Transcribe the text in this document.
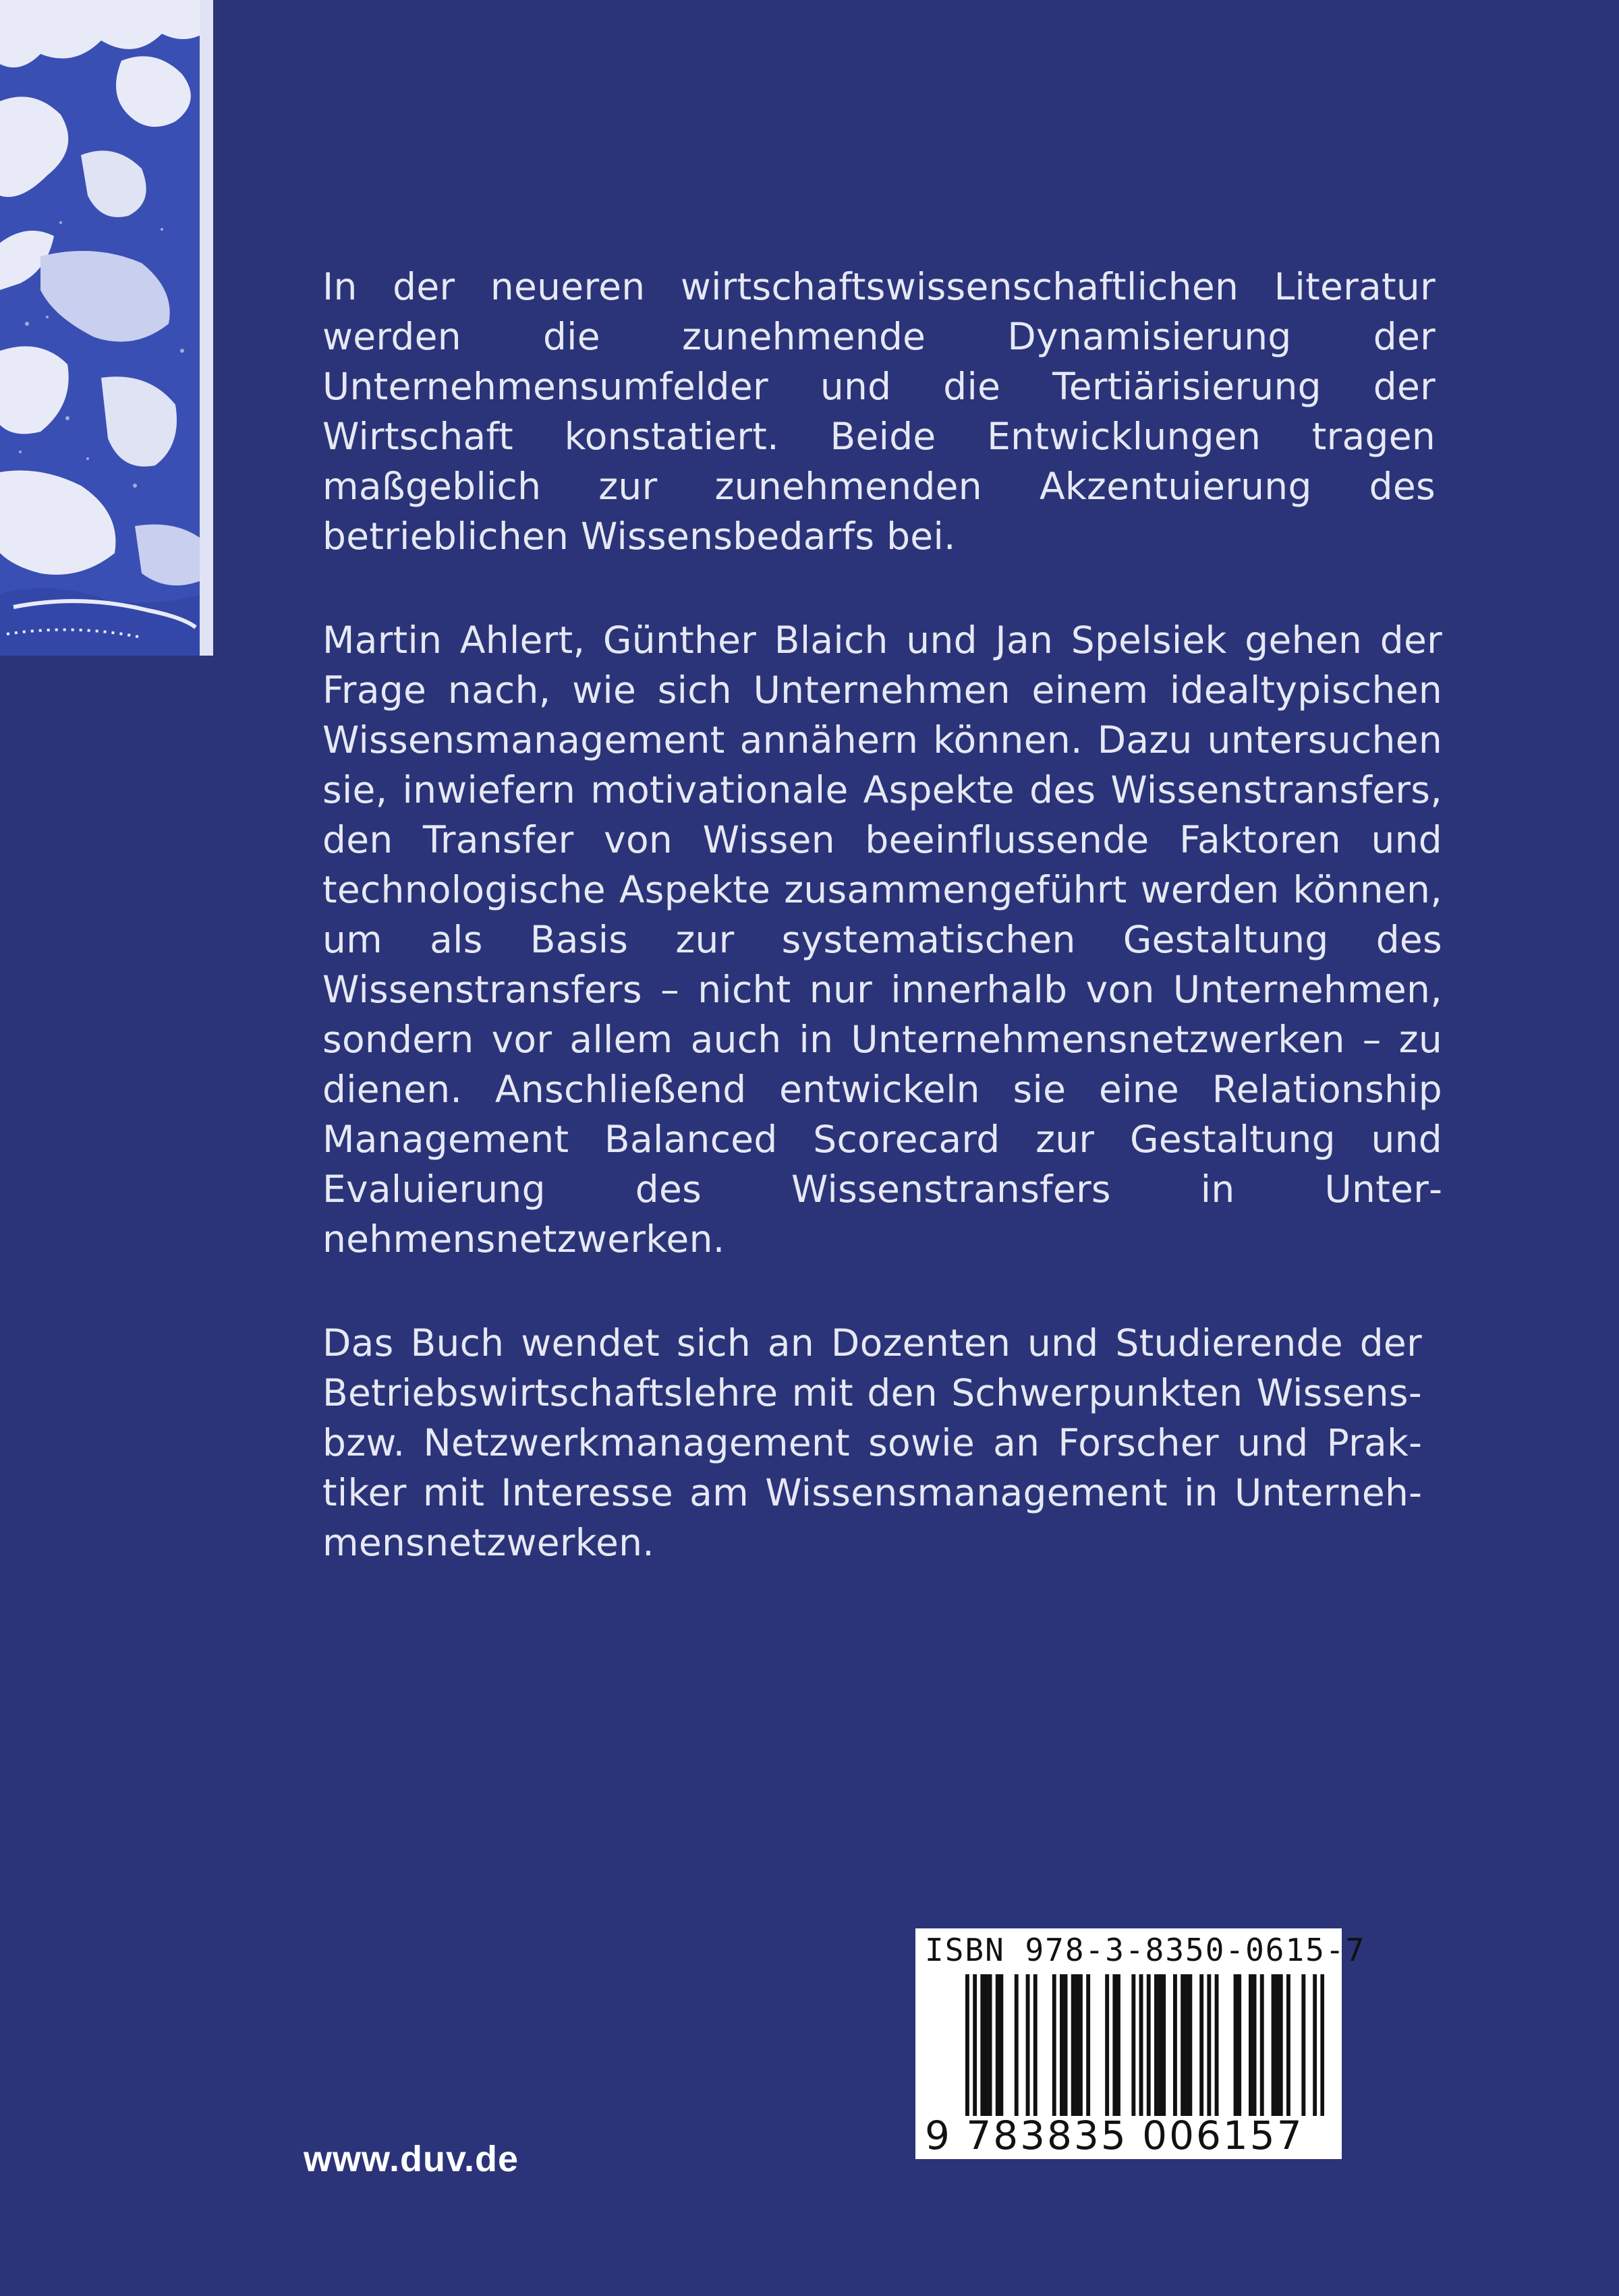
In der neueren wirtschaftswissenschaftlichen Literatur werden die zunehmende Dynamisierung der Unternehmensumfelder und die Tertiärisierung der Wirtschaft konstatiert. Beide Entwicklungen tragen maßgeblich zur zunehmenden Akzentuierung des betrieblichen Wissensbedarfs bei.

Martin Ahlert, Günther Blaich und Jan Spelsiek gehen der Frage nach, wie sich Unternehmen einem idealtypischen Wissensmanagement annähern können. Dazu untersuchen sie, inwiefern motivationale Aspekte des Wissenstransfers, den Transfer von Wissen beeinflussende Faktoren und technologische Aspekte zusammengeführt werden können, um als Basis zur systematischen Gestaltung des Wissenstransfers – nicht nur innerhalb von Unternehmen, sondern vor allem auch in Unternehmensnetzwerken – zu dienen. Anschließend entwickeln sie eine Relationship Management Balanced Scorecard zur Gestaltung und Evaluierung des Wissenstransfers in Unternehmensnetzwerken.

Das Buch wendet sich an Dozenten und Studierende der Betriebswirtschaftslehre mit den Schwerpunkten Wissens- bzw. Netzwerkmanagement sowie an Forscher und Praktiker mit Interesse am Wissensmanagement in Unternehmensnetzwerken.

ISBN 978-3-8350-0615-7
9 783835 006157
www.duv.de
